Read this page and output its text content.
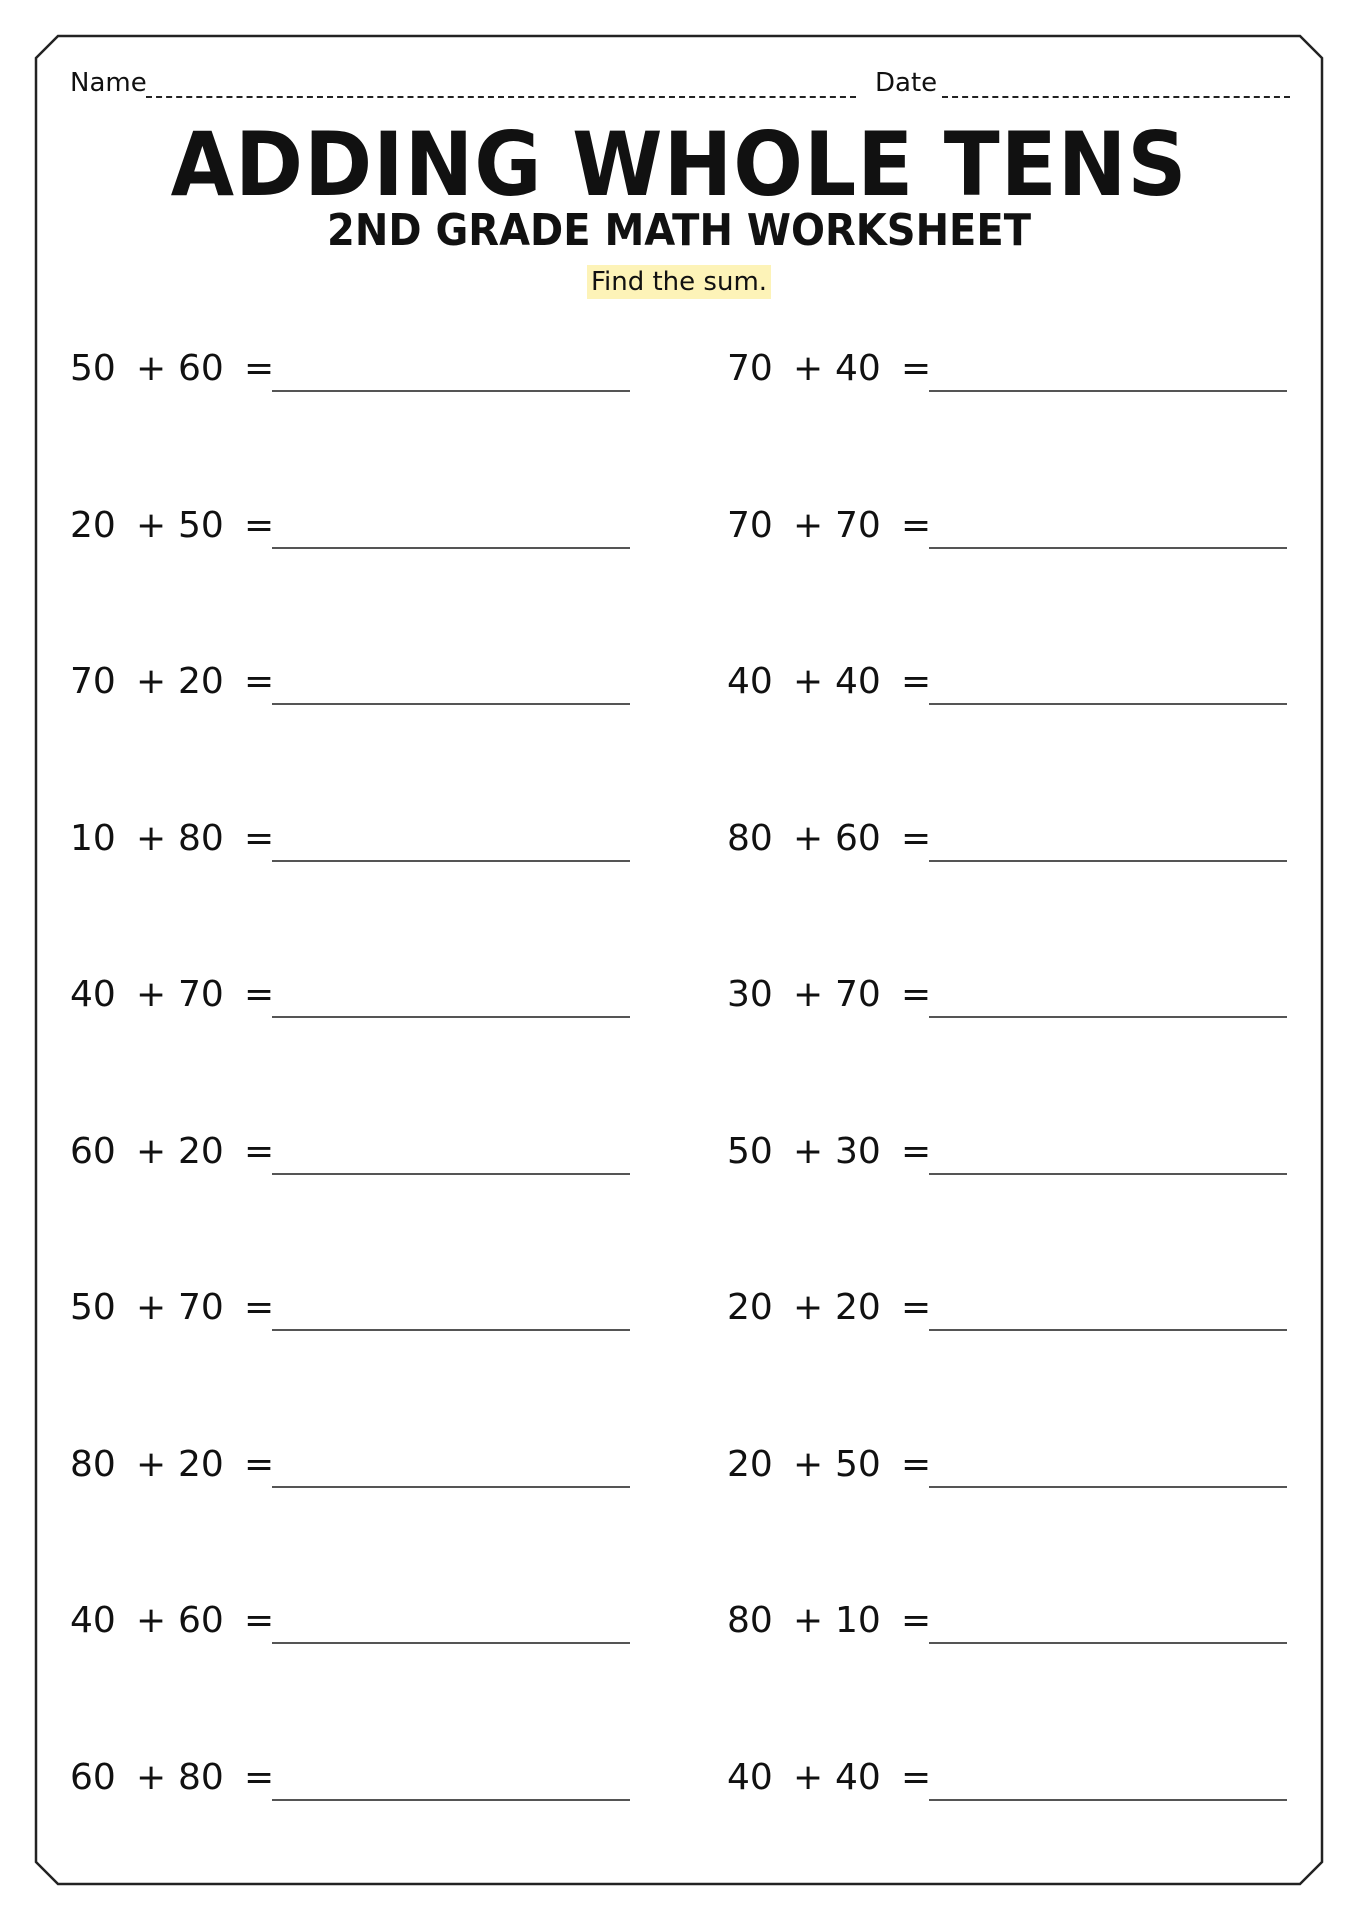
Name	Date
ADDING WHOLE TENS
2ND GRADE MATH WORKSHEET
Find the sum.
50 + 60 =	70 + 40 =
20 + 50 =	70 + 70 =
70 + 20 =	40 + 40 =
10 + 80 =	80 + 60 =
40 + 70 =	30 + 70 =
60 + 20 =	50 + 30 =
50 + 70 =	20 + 20 =
80 + 20 =	20 + 50 =
40 + 60 =	80 + 10 =
60 + 80 =	40 + 40 =
